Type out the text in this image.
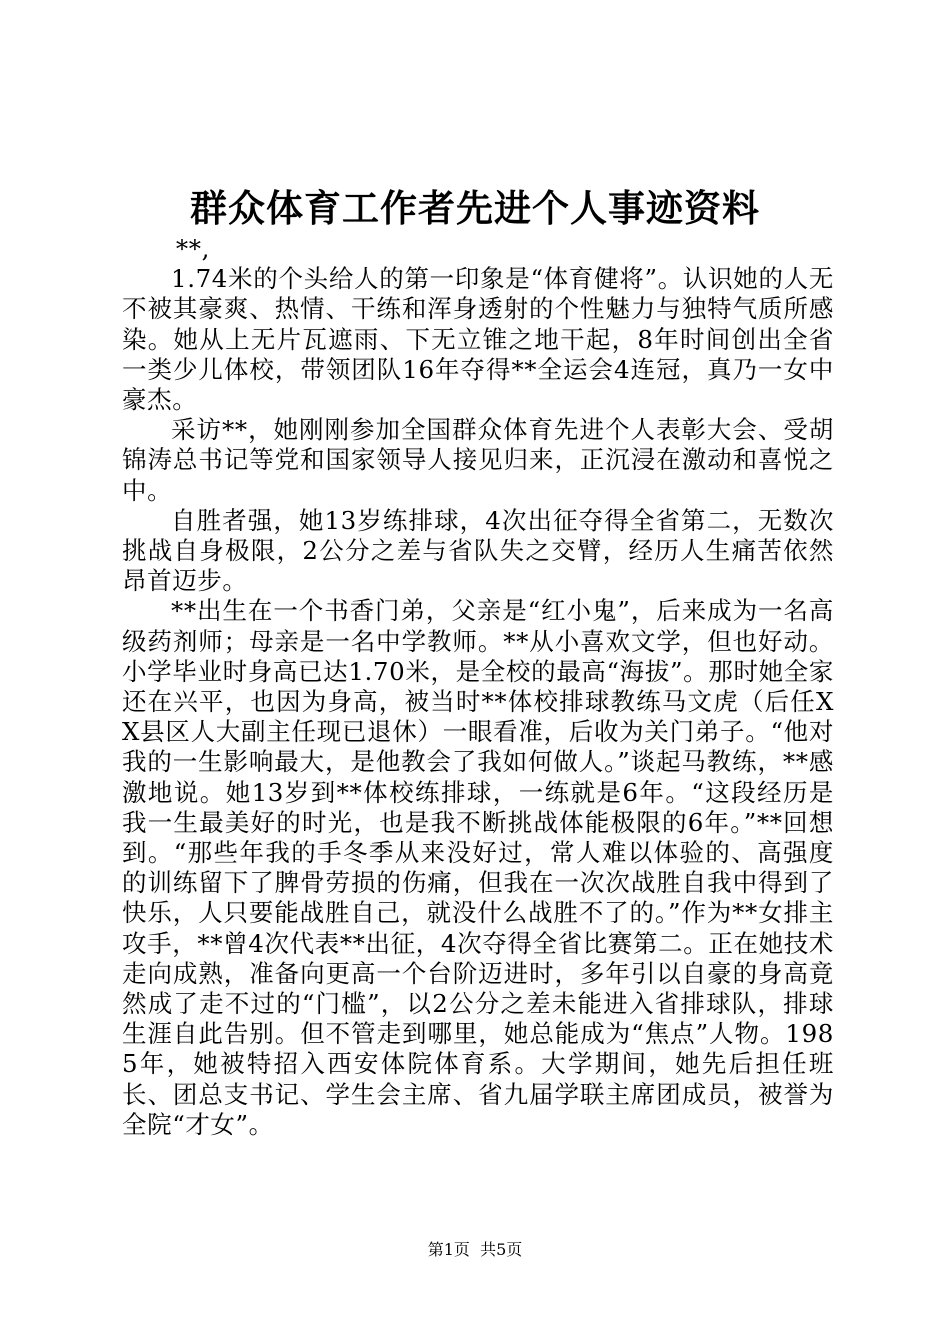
群众体育工作者先进个人事迹资料

**,

1.74米的个头给人的第一印象是“体育健将”。认识她的人无不被其豪爽、热情、干练和浑身透射的个性魅力与独特气质所感染。她从上无片瓦遮雨、下无立锥之地干起，8年时间创出全省一类少儿体校，带领团队16年夺得**全运会4连冠，真乃一女中豪杰。

采访**，她刚刚参加全国群众体育先进个人表彰大会、受胡锦涛总书记等党和国家领导人接见归来，正沉浸在激动和喜悦之中。

自胜者强，她13岁练排球，4次出征夺得全省第二，无数次挑战自身极限，2公分之差与省队失之交臂，经历人生痛苦依然昂首迈步。

**出生在一个书香门弟，父亲是“红小鬼”，后来成为一名高级药剂师；母亲是一名中学教师。**从小喜欢文学，但也好动。小学毕业时身高已达1.70米，是全校的最高“海拔”。那时她全家还在兴平，也因为身高，被当时**体校排球教练马文虎（后任XX县区人大副主任现已退休）一眼看准，后收为关门弟子。“他对我的一生影响最大，是他教会了我如何做人。”谈起马教练，**感激地说。她13岁到**体校练排球，一练就是6年。“这段经历是我一生最美好的时光，也是我不断挑战体能极限的6年。”**回想到。“那些年我的手冬季从来没好过，常人难以体验的、高强度的训练留下了脾骨劳损的伤痛，但我在一次次战胜自我中得到了快乐，人只要能战胜自己，就没什么战胜不了的。”作为**女排主攻手，**曾4次代表**出征，4次夺得全省比赛第二。正在她技术走向成熟，准备向更高一个台阶迈进时，多年引以自豪的身高竟然成了走不过的“门槛”，以2公分之差未能进入省排球队，排球生涯自此告别。但不管走到哪里，她总能成为“焦点”人物。1985年，她被特招入西安体院体育系。大学期间，她先后担任班长、团总支书记、学生会主席、省九届学联主席团成员，被誉为全院“才女”。

第1页  共5页
